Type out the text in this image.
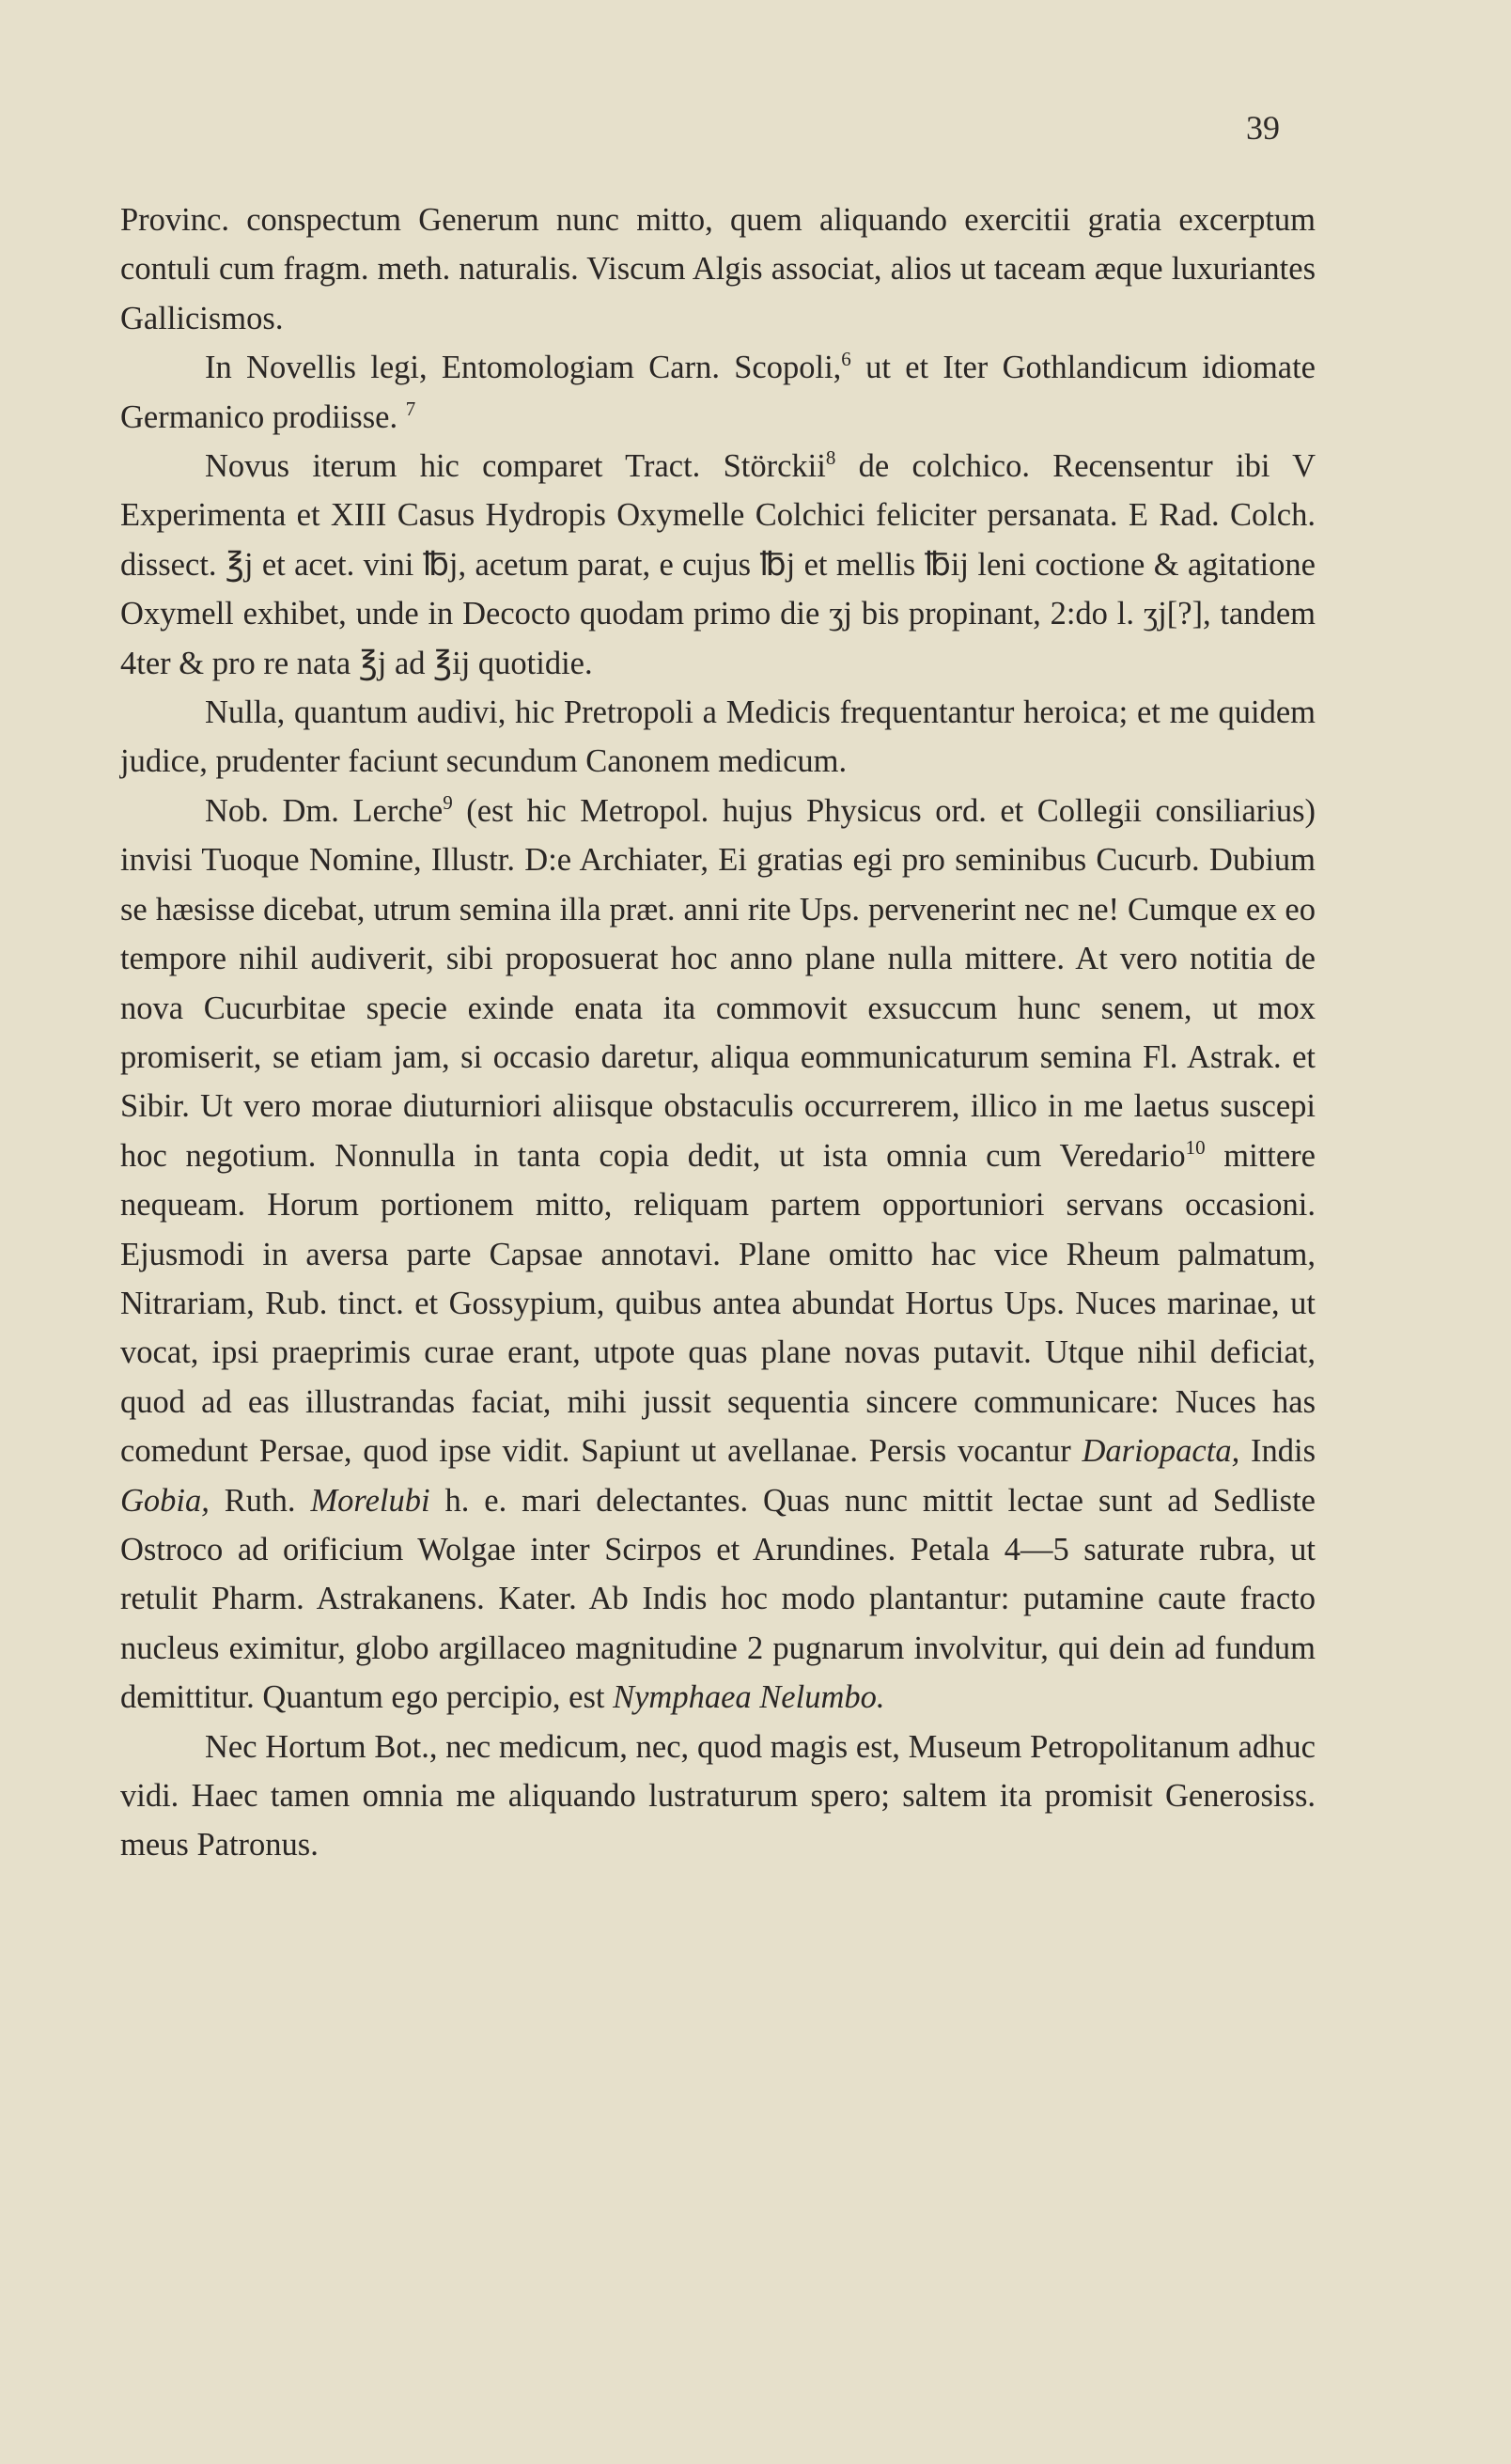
39

Provinc. conspectum Generum nunc mitto, quem aliquando exercitii gratia excerptum contuli cum fragm. meth. naturalis. Viscum Algis associat, alios ut taceam æque luxuriantes Gallicismos.

In Novellis legi, Entomologiam Carn. Scopoli,$^6$ ut et Iter Gothlandicum idiomate Germanico prodiisse. $^7$

Novus iterum hic comparet Tract. Störckii$^8$ de colchico. Recensentur ibi V Experimenta et XIII Casus Hydropis Oxymelle Colchici feliciter persanata. E Rad. Colch. dissect. ℥j et acet. vini ℔j, acetum parat, e cujus ℔j et mellis ℔ij leni coctione & agitatione Oxymell exhibet, unde in Decocto quodam primo die ʒj bis propinant, 2:do l. ʒj[?], tandem 4ter & pro re nata ℥j ad ℥ij quotidie.

Nulla, quantum audivi, hic Pretropoli a Medicis frequentantur heroica; et me quidem judice, prudenter faciunt secundum Canonem medicum.

Nob. Dm. Lerche$^9$ (est hic Metropol. hujus Physicus ord. et Collegii consiliarius) invisi Tuoque Nomine, Illustr. D:e Archiater, Ei gratias egi pro seminibus Cucurb. Dubium se hæsisse dicebat, utrum semina illa præt. anni rite Ups. pervenerint nec ne! Cumque ex eo tempore nihil audiverit, sibi proposuerat hoc anno plane nulla mittere. At vero notitia de nova Cucurbitae specie exinde enata ita commovit exsuccum hunc senem, ut mox promiserit, se etiam jam, si occasio daretur, aliqua eommunicaturum semina Fl. Astrak. et Sibir. Ut vero morae diuturniori aliisque obstaculis occurrerem, illico in me laetus suscepi hoc negotium. Nonnulla in tanta copia dedit, ut ista omnia cum Veredario$^{10}$ mittere nequeam. Horum portionem mitto, reliquam partem opportuniori servans occasioni. Ejusmodi in aversa parte Capsae annotavi. Plane omitto hac vice Rheum palmatum, Nitrariam, Rub. tinct. et Gossypium, quibus antea abundat Hortus Ups. Nuces marinae, ut vocat, ipsi praeprimis curae erant, utpote quas plane novas putavit. Utque nihil deficiat, quod ad eas illustrandas faciat, mihi jussit sequentia sincere communicare: Nuces has comedunt Persae, quod ipse vidit. Sapiunt ut avellanae. Persis vocantur Dariopacta, Indis Gobia, Ruth. Morelubi h. e. mari delectantes. Quas nunc mittit lectae sunt ad Sedliste Ostroco ad orificium Wolgae inter Scirpos et Arundines. Petala 4—5 saturate rubra, ut retulit Pharm. Astrakanens. Kater. Ab Indis hoc modo plantantur: putamine caute fracto nucleus eximitur, globo argillaceo magnitudine 2 pugnarum involvitur, qui dein ad fundum demittitur. Quantum ego percipio, est Nymphaea Nelumbo.

Nec Hortum Bot., nec medicum, nec, quod magis est, Museum Petropolitanum adhuc vidi. Haec tamen omnia me aliquando lustraturum spero; saltem ita promisit Generosiss. meus Patronus.
